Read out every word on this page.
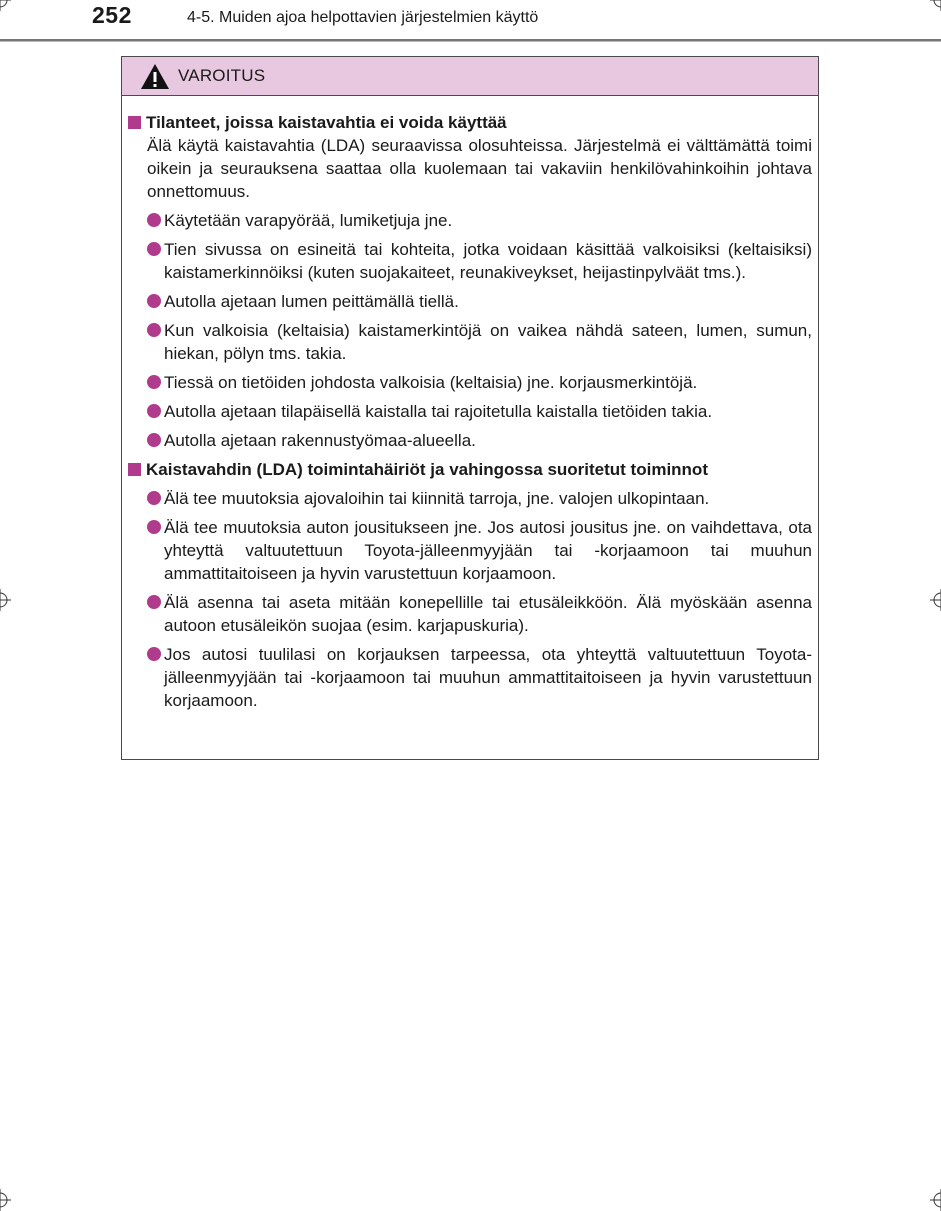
252	4-5. Muiden ajoa helpottavien järjestelmien käyttö
VAROITUS
Tilanteet, joissa kaistavahtia ei voida käyttää
Älä käytä kaistavahtia (LDA) seuraavissa olosuhteissa. Järjestelmä ei välttämättä toimi oikein ja seurauksena saattaa olla kuolemaan tai vakaviin henkilövahinkoihin johtava onnettomuus.
Käytetään varapyörää, lumiketjuja jne.
Tien sivussa on esineitä tai kohteita, jotka voidaan käsittää valkoisiksi (keltaisiksi) kaistamerkinnöiksi (kuten suojakaiteet, reunakiveykset, heijastinpylväät tms.).
Autolla ajetaan lumen peittämällä tiellä.
Kun valkoisia (keltaisia) kaistamerkintöjä on vaikea nähdä sateen, lumen, sumun, hiekan, pölyn tms. takia.
Tiessä on tietöiden johdosta valkoisia (keltaisia) jne. korjausmerkintöjä.
Autolla ajetaan tilapäisellä kaistalla tai rajoitetulla kaistalla tietöiden takia.
Autolla ajetaan rakennustyömaa-alueella.
Kaistavahdin (LDA) toimintahäiriöt ja vahingossa suoritetut toiminnot
Älä tee muutoksia ajovaloihin tai kiinnitä tarroja, jne. valojen ulkopintaan.
Älä tee muutoksia auton jousitukseen jne. Jos autosi jousitus jne. on vaihdettava, ota yhteyttä valtuutettuun Toyota-jälleenmyyjään tai -korjaamoon tai muuhun ammattitaitoiseen ja hyvin varustettuun korjaamoon.
Älä asenna tai aseta mitään konepellille tai etusäleikköön. Älä myöskään asenna autoon etusäleikön suojaa (esim. karjapuskuria).
Jos autosi tuulilasi on korjauksen tarpeessa, ota yhteyttä valtuutettuun Toyota-jälleenmyyjään tai -korjaamoon tai muuhun ammattitaitoiseen ja hyvin varustettuun korjaamoon.
